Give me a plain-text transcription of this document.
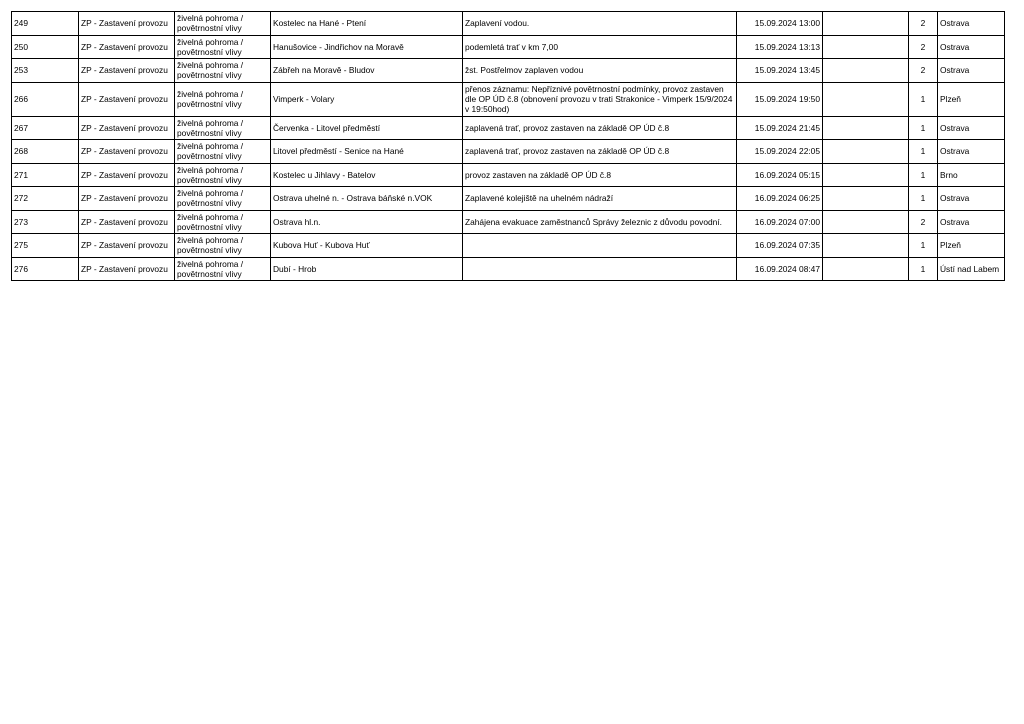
249	ZP - Zastavení provozu	živelná pohroma / povětrnostní vlivy	Kostelec na Hané - Ptení	Zaplavení vodou.	15.09.2024 13:00		2	Ostrava
250	ZP - Zastavení provozu	živelná pohroma / povětrnostní vlivy	Hanušovice - Jindřichov na Moravě	podemletá trať v km 7,00	15.09.2024 13:13		2	Ostrava
253	ZP - Zastavení provozu	živelná pohroma / povětrnostní vlivy	Zábřeh na Moravě - Bludov	žst. Postřelmov zaplaven vodou	15.09.2024 13:45		2	Ostrava
266	ZP - Zastavení provozu	živelná pohroma / povětrnostní vlivy	Vimperk - Volary	přenos záznamu: Nepříznivé povětrnostní podmínky, provoz zastaven dle OP ÚD č.8 (obnovení provozu v trati Strakonice - Vimperk 15/9/2024 v 19:50hod)	15.09.2024 19:50		1	Plzeň
267	ZP - Zastavení provozu	živelná pohroma / povětrnostní vlivy	Červenka - Litovel předměstí	zaplavená trať, provoz zastaven na základě OP ÚD č.8	15.09.2024 21:45		1	Ostrava
268	ZP - Zastavení provozu	živelná pohroma / povětrnostní vlivy	Litovel předměstí - Senice na Hané	zaplavená trať, provoz zastaven na základě OP ÚD č.8	15.09.2024 22:05		1	Ostrava
271	ZP - Zastavení provozu	živelná pohroma / povětrnostní vlivy	Kostelec u Jihlavy - Batelov	provoz zastaven na základě OP ÚD č.8	16.09.2024 05:15		1	Brno
272	ZP - Zastavení provozu	živelná pohroma / povětrnostní vlivy	Ostrava uhelné n. - Ostrava báňské n.VOK	Zaplavené kolejiště na uhelném nádraží	16.09.2024 06:25		1	Ostrava
273	ZP - Zastavení provozu	živelná pohroma / povětrnostní vlivy	Ostrava hl.n.	Zahájena evakuace zaměstnanců Správy železnic z důvodu povodní.	16.09.2024 07:00		2	Ostrava
275	ZP - Zastavení provozu	živelná pohroma / povětrnostní vlivy	Kubova Huť - Kubova Huť		16.09.2024 07:35		1	Plzeň
276	ZP - Zastavení provozu	živelná pohroma / povětrnostní vlivy	Dubí - Hrob		16.09.2024 08:47		1	Ústí nad Labem
